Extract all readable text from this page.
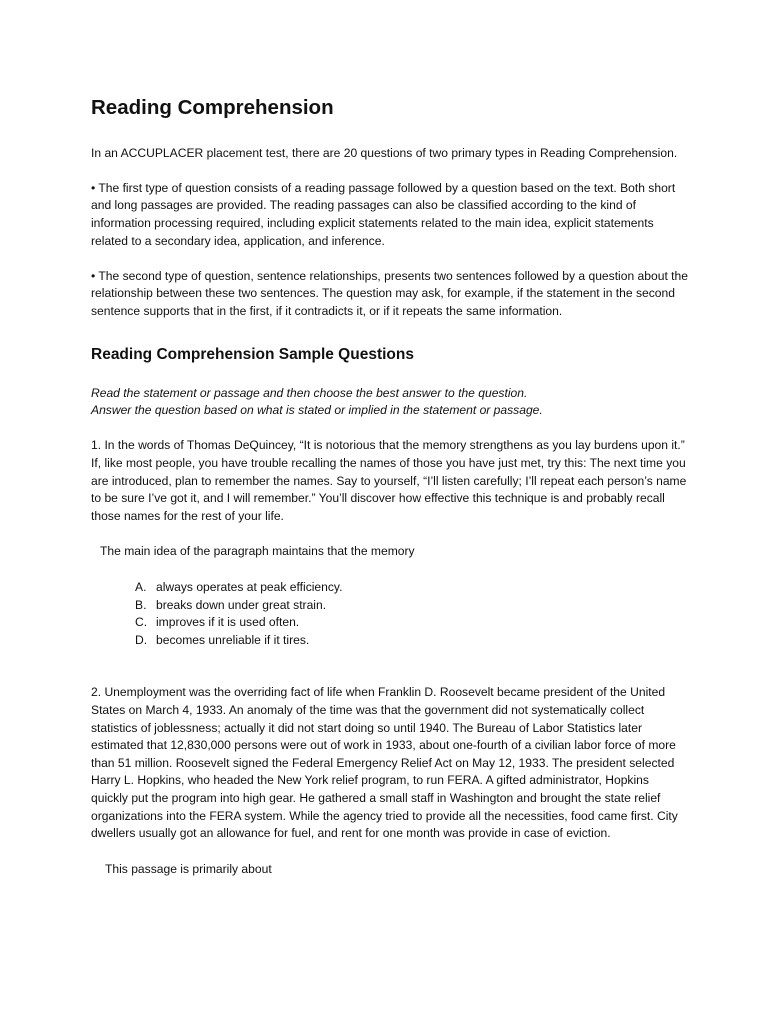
Reading Comprehension

In an ACCUPLACER placement test, there are 20 questions of two primary types in Reading Comprehension.

• The first type of question consists of a reading passage followed by a question based on the text. Both short and long passages are provided. The reading passages can also be classified according to the kind of information processing required, including explicit statements related to the main idea, explicit statements related to a secondary idea, application, and inference.

• The second type of question, sentence relationships, presents two sentences followed by a question about the relationship between these two sentences. The question may ask, for example, if the statement in the second sentence supports that in the first, if it contradicts it, or if it repeats the same information.

Reading Comprehension Sample Questions

Read the statement or passage and then choose the best answer to the question.

Answer the question based on what is stated or implied in the statement or passage.

1. In the words of Thomas DeQuincey, “It is notorious that the memory strengthens as you lay burdens upon it.” If, like most people, you have trouble recalling the names of those you have just met, try this: The next time you are introduced, plan to remember the names. Say to yourself, “I’ll listen carefully; I’ll repeat each person’s name to be sure I’ve got it, and I will remember.” You’ll discover how effective this technique is and probably recall those names for the rest of your life.

The main idea of the paragraph maintains that the memory

A. always operates at peak efficiency.
B. breaks down under great strain.
C. improves if it is used often.
D. becomes unreliable if it tires.

2. Unemployment was the overriding fact of life when Franklin D. Roosevelt became president of the United States on March 4, 1933. An anomaly of the time was that the government did not systematically collect statistics of joblessness; actually it did not start doing so until 1940. The Bureau of Labor Statistics later estimated that 12,830,000 persons were out of work in 1933, about one-fourth of a civilian labor force of more than 51 million. Roosevelt signed the Federal Emergency Relief Act on May 12, 1933. The president selected Harry L. Hopkins, who headed the New York relief program, to run FERA. A gifted administrator, Hopkins quickly put the program into high gear. He gathered a small staff in Washington and brought the state relief organizations into the FERA system. While the agency tried to provide all the necessities, food came first. City dwellers usually got an allowance for fuel, and rent for one month was provide in case of eviction.

This passage is primarily about
